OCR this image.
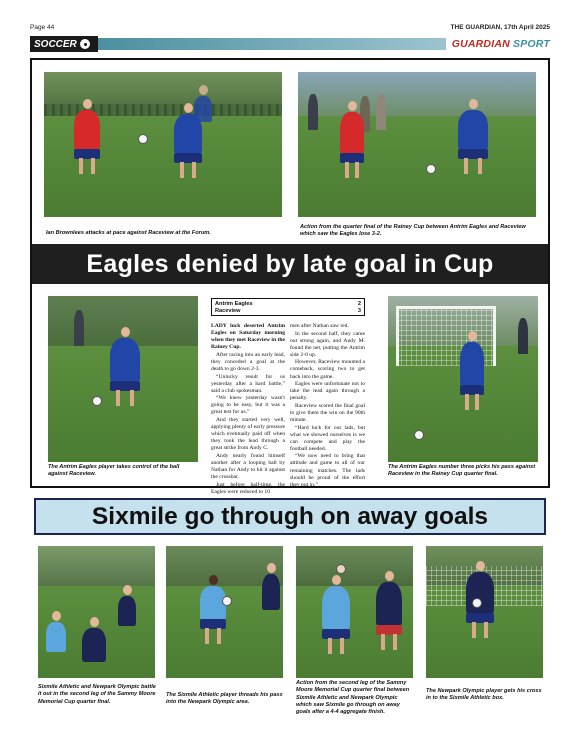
Page 44	THE GUARDIAN, 17th April 2025
SOCCER	GUARDIAN SPORT
Ian Brownlees attacks at pace against Raceview at the Forum.
Action from the quarter final of the Rainey Cup between Antrim Eagles and Raceview which saw the Eagles lose 3-2.
Eagles denied by late goal in Cup
The Antrim Eagles player takes control of the ball against Raceview.
Antrim Eagles	2
Raceview	3

LADY luck deserted Antrim Eagles on Saturday morning when they met Raceview in the Rainey Cup.

After racing into an early lead, they conceded a goal at the death to go down 2-3.

“Unlucky result for us yesterday after a hard battle,” said a club spokesman.

“We knew yesterday wasn't going to be easy, but it was a great test for us.”

And they started very well, applying plenty of early pressure which eventually paid off when they took the lead through a great strike from Andy C.

Andy nearly found himself another after a looping ball by Nathan for Andy to hit it against the crossbar.

Just before half-time, the Eagles were reduced to 10

men after Nathan saw red.

In the second half, they came out strong again, and Andy M. found the net, putting the Antrim side 2-0 up.

However, Raceview mounted a comeback, scoring two to get back into the game.

Eagles were unfortunate not to take the lead again through a penalty.

Raceview scored the final goal to give them the win on the 90th minute.

“Hard luck for our lads, but what we showed ourselves is we can compete and play the football needed.

“We now need to bring that attitude and game to all of our remaining matches. The lads should be proud of the effort they put in.”

The Antrim Eagles number three picks his pass against Raceview in the Rainey Cup quarter final.
Sixmile go through on away goals
Sixmile Athletic and Newpark Olympic battle it out in the second leg of the Sammy Moore Memorial Cup quarter final.
The Sixmile Athletic player threads his pass into the Newpark Olympic area.
Action from the second leg of the Sammy Moore Memorial Cup quarter final between Sixmile Athletic and Newpark Olympic which saw Sixmile go through on away goals after a 4-4 aggregate finish.
The Newpark Olympic player gets his cross in to the Sixmile Athletic box.
